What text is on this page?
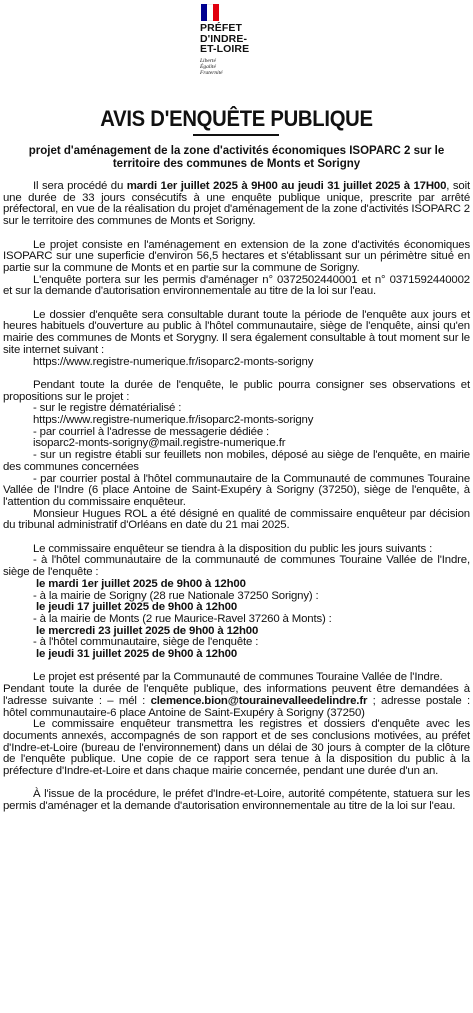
PRÉFET
D'INDRE-
ET-LOIRE
Liberté
Égalité
Fraternité
AVIS D'ENQUÊTE PUBLIQUE
projet d'aménagement de la zone d'activités économiques ISOPARC 2 sur le territoire des communes de Monts et Sorigny

Il sera procédé du mardi 1er juillet 2025 à 9H00 au jeudi 31 juillet 2025 à 17H00, soit une durée de 33 jours consécutifs à une enquête publique unique, prescrite par arrêté préfectoral, en vue de la réalisation du projet d'aménagement de la zone d'activités ISOPARC 2 sur le territoire des communes de Monts et Sorigny.

Le projet consiste en l'aménagement en extension de la zone d'activités économiques ISOPARC sur une superficie d'environ 56,5 hectares et s'établissant sur un périmètre situé en partie sur la commune de Monts et en partie sur la commune de Sorigny.

L'enquête portera sur les permis d'aménager n° 0372502440001 et n° 0371592440002 et sur la demande d'autorisation environnementale au titre de la loi sur l'eau.

Le dossier d'enquête sera consultable durant toute la période de l'enquête aux jours et heures habituels d'ouverture au public à l'hôtel communautaire, siège de l'enquête, ainsi qu'en mairie des communes de Monts et Sorygny. Il sera également consultable à tout moment sur le site internet suivant :

https://www.registre-numerique.fr/isoparc2-monts-sorigny

Pendant toute la durée de l'enquête, le public pourra consigner ses observations et propositions sur le projet :

- sur le registre dématérialisé :

https://www.registre-numerique.fr/isoparc2-monts-sorigny

- par courriel à l'adresse de messagerie dédiée :

isoparc2-monts-sorigny@mail.registre-numerique.fr

- sur un registre établi sur feuillets non mobiles, déposé au siège de l'enquête, en mairie des communes concernées

- par courrier postal à l'hôtel communautaire de la Communauté de communes Touraine Vallée de l'Indre (6 place Antoine de Saint-Exupéry à Sorigny (37250), siège de l'enquête, à l'attention du commissaire enquêteur.

Monsieur Hugues ROL a été désigné en qualité de commissaire enquêteur par décision du tribunal administratif d'Orléans en date du 21 mai 2025.

Le commissaire enquêteur se tiendra à la disposition du public les jours suivants :

- à l'hôtel communautaire de la communauté de communes Touraine Vallée de l'Indre, siège de l'enquête :

le mardi 1er juillet 2025 de 9h00 à 12h00

- à la mairie de Sorigny (28 rue Nationale 37250 Sorigny) :

le jeudi 17 juillet 2025 de 9h00 à 12h00

- à la mairie de Monts (2 rue Maurice-Ravel 37260 à Monts) :

le mercredi 23 juillet 2025 de 9h00 à 12h00

- à l'hôtel communautaire, siège de l'enquête :

le jeudi 31 juillet 2025 de 9h00 à 12h00

Le projet est présenté par la Communauté de communes Touraine Vallée de l'Indre.

Pendant toute la durée de l'enquête publique, des informations peuvent être demandées à l'adresse suivante : – mél : clemence.bion@tourainevalleedelindre.fr ; adresse postale : hôtel communautaire-6 place Antoine de Saint-Exupéry à Sorigny (37250)

Le commissaire enquêteur transmettra les registres et dossiers d'enquête avec les documents annexés, accompagnés de son rapport et de ses conclusions motivées, au préfet d'Indre-et-Loire (bureau de l'environnement) dans un délai de 30 jours à compter de la clôture de l'enquête publique. Une copie de ce rapport sera tenue à la disposition du public à la préfecture d'Indre-et-Loire et dans chaque mairie concernée, pendant une durée d'un an.

À l'issue de la procédure, le préfet d'Indre-et-Loire, autorité compétente, statuera sur les permis d'aménager et la demande d'autorisation environnementale au titre de la loi sur l'eau.
